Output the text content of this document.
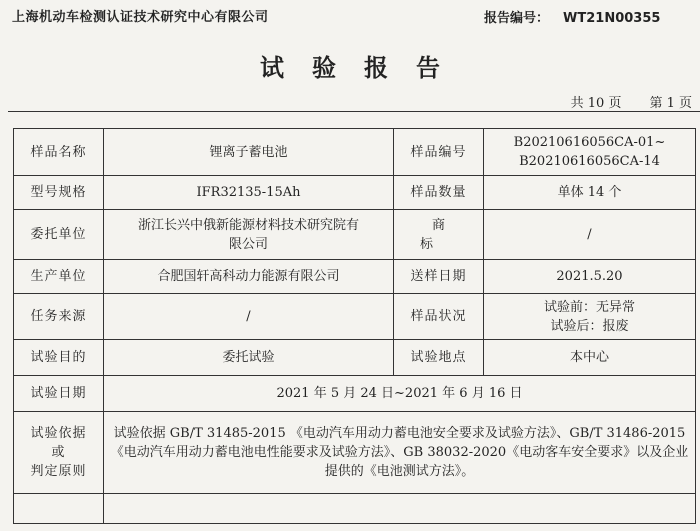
上海机动车检测认证技术研究中心有限公司	报告编号： WT21N00355
试验报告
共 10 页 第 1 页
样品名称	锂离子蓄电池	样品编号	B20210616056CA-01~
B20210616056CA-14

型号规格	IFR32135-15Ah	样品数量	单体 14 个
委托单位	浙江长兴中俄新能源材料技术研究院有
限公司	商标	/
生产单位	合肥国轩高科动力能源有限公司	送样日期	2021.5.20
任务来源	/	样品状况	试验前：无异常
试验后：报废

试验目的	委托试验	试验地点	本中心
试验日期	2021 年 5 月 24 日~2021 年 6 月 16 日		

试验依据
或
判定原则	试验依据 GB/T 31485-2015 《电动汽车用动力蓄电池安全要求及试验方法》、GB/T 31486-2015《电动汽车用动力蓄电池电性能要求及试验方法》、GB 38032-2020《电动客车安全要求》以及企业提供的《电池测试方法》。		
